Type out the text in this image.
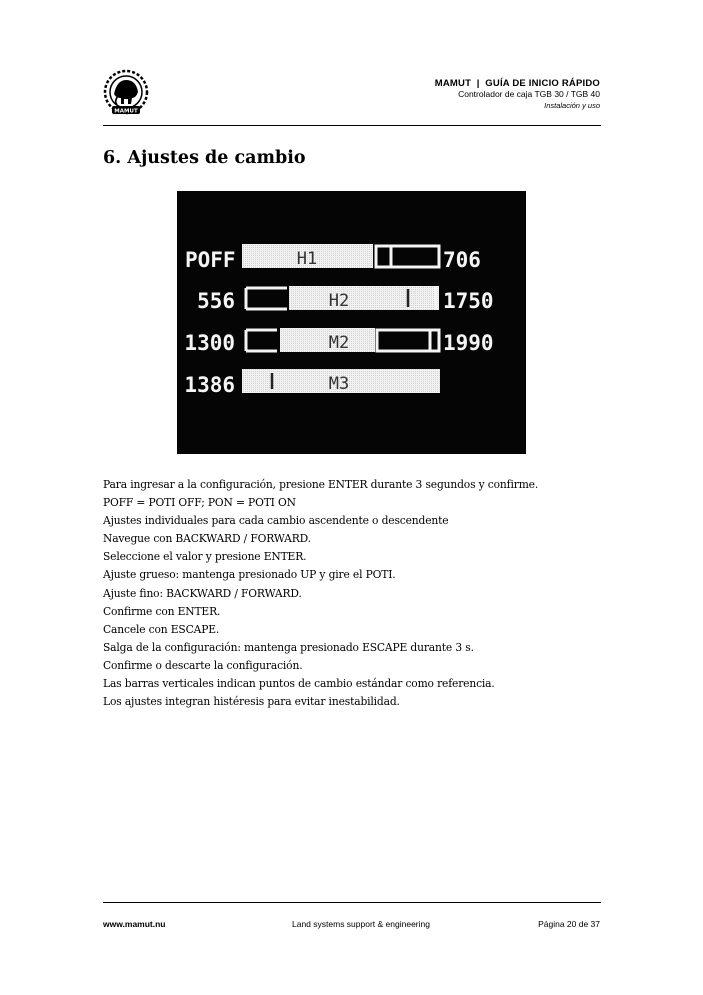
MAMUT
MAMUT  |  GUÍA DE INICIO RÁPIDO
Controlador de caja TGB 30 / TGB 40
Instalación y uso
6. Ajustes de cambio
POFF	H1	706
556	H2	1750
1300	M2	1990
1386	M3
Para ingresar a la configuración, presione ENTER durante 3 segundos y confirme.
POFF = POTI OFF; PON = POTI ON
Ajustes individuales para cada cambio ascendente o descendente
Navegue con BACKWARD / FORWARD.
Seleccione el valor y presione ENTER.
Ajuste grueso: mantenga presionado UP y gire el POTI.
Ajuste fino: BACKWARD / FORWARD.
Confirme con ENTER.
Cancele con ESCAPE.
Salga de la configuración: mantenga presionado ESCAPE durante 3 s.
Confirme o descarte la configuración.
Las barras verticales indican puntos de cambio estándar como referencia.
Los ajustes integran histéresis para evitar inestabilidad.
www.mamut.nu	Land systems support & engineering	Página 20 de 37
